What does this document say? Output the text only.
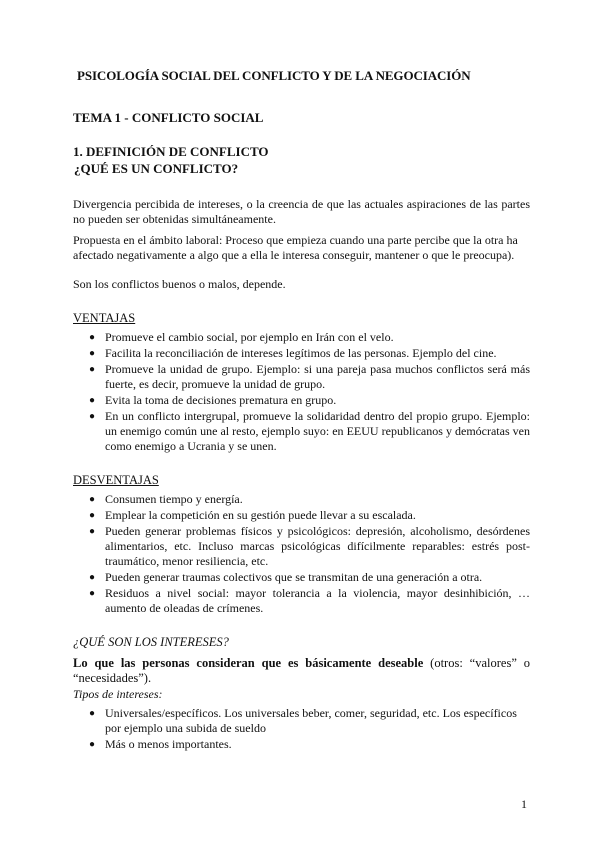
PSICOLOGÍA SOCIAL DEL CONFLICTO Y DE LA NEGOCIACIÓN
TEMA 1 - CONFLICTO SOCIAL
1. DEFINICIÓN DE CONFLICTO
¿QUÉ ES UN CONFLICTO?

Divergencia percibida de intereses, o la creencia de que las actuales aspiraciones de las partes no pueden ser obtenidas simultáneamente.

Propuesta en el ámbito laboral: Proceso que empieza cuando una parte percibe que la otra ha afectado negativamente a algo que a ella le interesa conseguir, mantener o que le preocupa).

Son los conflictos buenos o malos, depende.

VENTAJAS
● Promueve el cambio social, por ejemplo en Irán con el velo.
● Facilita la reconciliación de intereses legítimos de las personas. Ejemplo del cine.
● Promueve la unidad de grupo. Ejemplo: si una pareja pasa muchos conflictos será más fuerte, es decir, promueve la unidad de grupo.
● Evita la toma de decisiones prematura en grupo.
● En un conflicto intergrupal, promueve la solidaridad dentro del propio grupo. Ejemplo: un enemigo común une al resto, ejemplo suyo: en EEUU republicanos y demócratas ven como enemigo a Ucrania y se unen.
DESVENTAJAS
● Consumen tiempo y energía.
● Emplear la competición en su gestión puede llevar a su escalada.
● Pueden generar problemas físicos y psicológicos: depresión, alcoholismo, desórdenes alimentarios, etc. Incluso marcas psicológicas difícilmente reparables: estrés post-traumático, menor resiliencia, etc.
● Pueden generar traumas colectivos que se transmitan de una generación a otra.
● Residuos a nivel social: mayor tolerancia a la violencia, mayor desinhibición, …aumento de oleadas de crímenes.
¿QUÉ SON LOS INTERESES?
Lo que las personas consideran que es básicamente deseable (otros: “valores” o “necesidades”).
Tipos de intereses:
● Universales/específicos. Los universales beber, comer, seguridad, etc. Los específicos por ejemplo una subida de sueldo
● Más o menos importantes.
1
